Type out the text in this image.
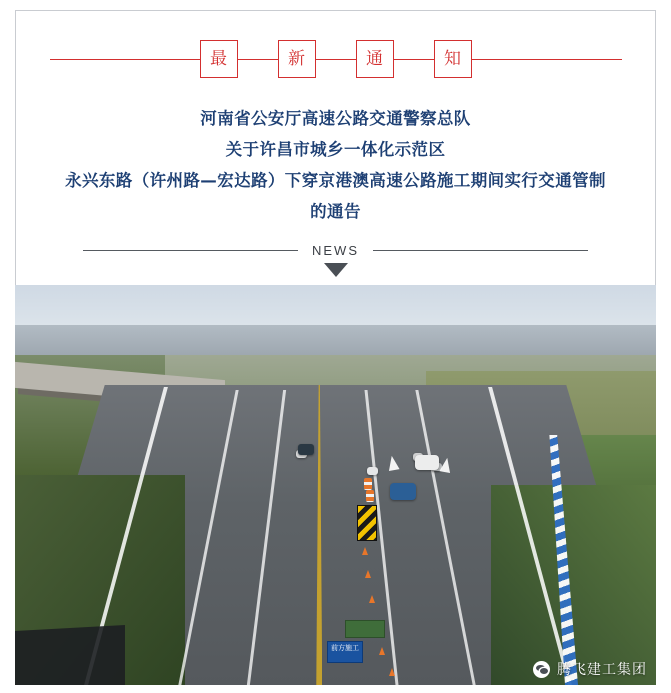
最	新	通	知
河南省公安厅高速公路交通警察总队
关于许昌市城乡一体化示范区
永兴东路（许州路—宏达路）下穿京港澳高速公路施工期间实行交通管制
的通告
NEWS
前方施工
腾飞建工集团
